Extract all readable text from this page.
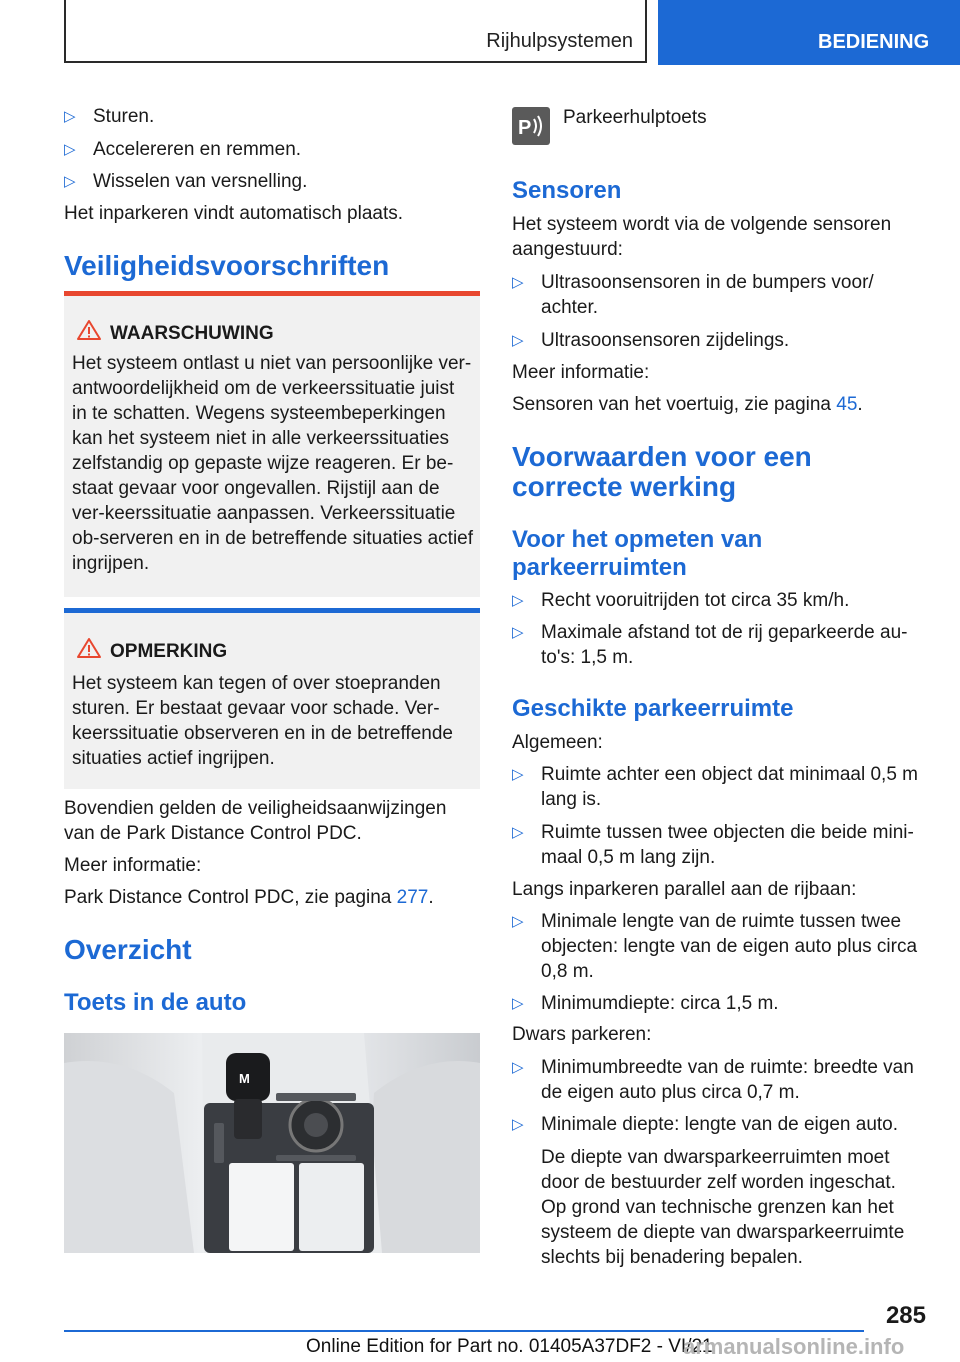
Rijhulpsystemen	BEDIENING
▷ Sturen.
▷ Accelereren en remmen.
▷ Wisselen van versnelling.

Het inparkeren vindt automatisch plaats.

Veiligheidsvoorschriften
WAARSCHUWING

Het systeem ontlast u niet van persoonlijke ver-antwoordelijkheid om de verkeerssituatie juist in te schatten. Wegens systeembeperkingen kan het systeem niet in alle verkeerssituaties zelfstandig op gepaste wijze reageren. Er be-staat gevaar voor ongevallen. Rijstijl aan de ver-keerssituatie aanpassen. Verkeerssituatie ob-serveren en in de betreffende situaties actief ingrijpen.

OPMERKING

Het systeem kan tegen of over stoepranden sturen. Er bestaat gevaar voor schade. Ver-keerssituatie observeren en in de betreffende situaties actief ingrijpen.

Bovendien gelden de veiligheidsaanwijzingen van de Park Distance Control PDC.

Meer informatie:

Park Distance Control PDC, zie pagina 277.

Overzicht
Toets in de auto
M
P Parkeerhulptoets

Sensoren

Het systeem wordt via de volgende sensoren aangestuurd:

▷ Ultrasoonsensoren in de bumpers voor/ achter.
▷ Ultrasoonsensoren zijdelings.

Meer informatie:

Sensoren van het voertuig, zie pagina 45.

Voorwaarden voor een correcte werking
Voor het opmeten van parkeerruimten
▷ Recht vooruitrijden tot circa 35 km/h.
▷ Maximale afstand tot de rij geparkeerde au-to's: 1,5 m.
Geschikte parkeerruimte

Algemeen:

▷ Ruimte achter een object dat minimaal 0,5 m lang is.
▷ Ruimte tussen twee objecten die beide mini-maal 0,5 m lang zijn.

Langs inparkeren parallel aan de rijbaan:

▷ Minimale lengte van de ruimte tussen twee objecten: lengte van de eigen auto plus circa 0,8 m.
▷ Minimumdiepte: circa 1,5 m.

Dwars parkeren:

▷ Minimumbreedte van de ruimte: breedte van de eigen auto plus circa 0,7 m.
▷ Minimale diepte: lengte van de eigen auto.

De diepte van dwarsparkeerruimten moet door de bestuurder zelf worden ingeschat. Op grond van technische grenzen kan het systeem de diepte van dwarsparkeerruimte slechts bij benadering bepalen.

285
Online Edition for Part no. 01405A37DF2 - VI/21
armanualsonline.info
